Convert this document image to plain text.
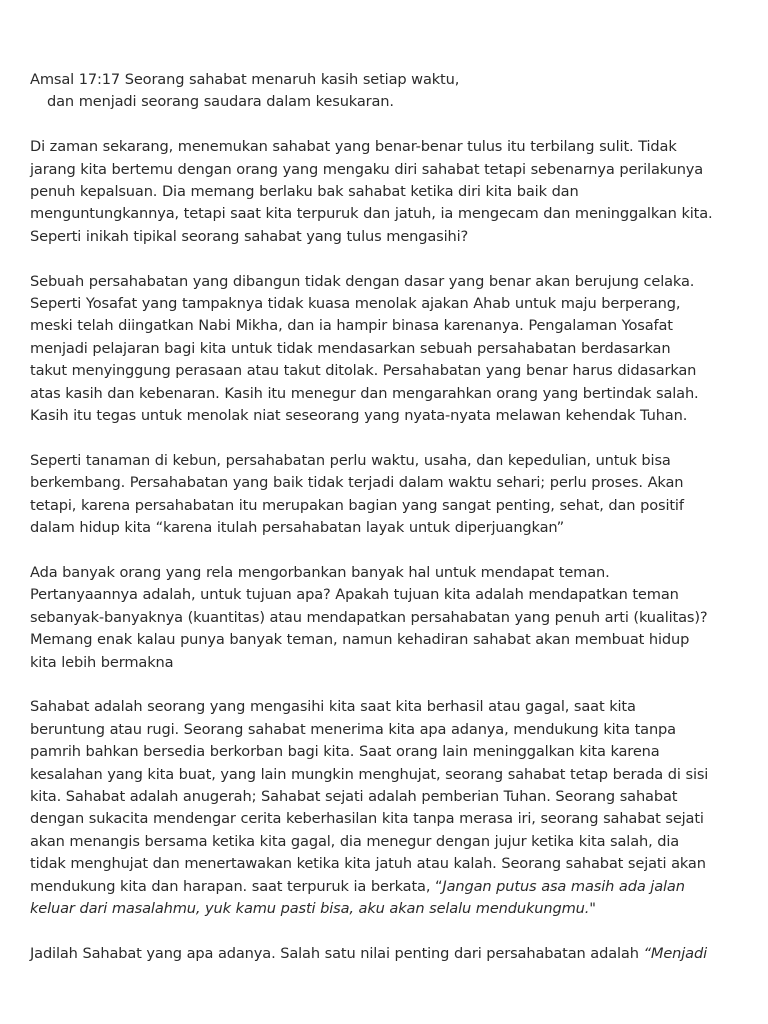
Amsal 17:17 Seorang sahabat menaruh kasih setiap waktu,
dan menjadi seorang saudara dalam kesukaran.

Di zaman sekarang, menemukan sahabat yang benar-benar tulus itu terbilang sulit. Tidak
jarang kita bertemu dengan orang yang mengaku diri sahabat tetapi sebenarnya perilakunya
penuh kepalsuan. Dia memang berlaku bak sahabat ketika diri kita baik dan
menguntungkannya, tetapi saat kita terpuruk dan jatuh, ia mengecam dan meninggalkan kita.
Seperti inikah tipikal seorang sahabat yang tulus mengasihi?

Sebuah persahabatan yang dibangun tidak dengan dasar yang benar akan berujung celaka.
Seperti Yosafat yang tampaknya tidak kuasa menolak ajakan Ahab untuk maju berperang,
meski telah diingatkan Nabi Mikha, dan ia hampir binasa karenanya. Pengalaman Yosafat
menjadi pelajaran bagi kita untuk tidak mendasarkan sebuah persahabatan berdasarkan
takut menyinggung perasaan atau takut ditolak. Persahabatan yang benar harus didasarkan
atas kasih dan kebenaran. Kasih itu menegur dan mengarahkan orang yang bertindak salah.
Kasih itu tegas untuk menolak niat seseorang yang nyata-nyata melawan kehendak Tuhan.

Seperti tanaman di kebun, persahabatan perlu waktu, usaha, dan kepedulian, untuk bisa
berkembang. Persahabatan yang baik tidak terjadi dalam waktu sehari; perlu proses. Akan
tetapi, karena persahabatan itu merupakan bagian yang sangat penting, sehat, dan positif
dalam hidup kita “karena itulah persahabatan layak untuk diperjuangkan”

Ada banyak orang yang rela mengorbankan banyak hal untuk mendapat teman.
Pertanyaannya adalah, untuk tujuan apa? Apakah tujuan kita adalah mendapatkan teman
sebanyak-banyaknya (kuantitas) atau mendapatkan persahabatan yang penuh arti (kualitas)?
Memang enak kalau punya banyak teman, namun kehadiran sahabat akan membuat hidup
kita lebih bermakna

Sahabat adalah seorang yang mengasihi kita saat kita berhasil atau gagal, saat kita
beruntung atau rugi. Seorang sahabat menerima kita apa adanya, mendukung kita tanpa
pamrih bahkan bersedia berkorban bagi kita. Saat orang lain meninggalkan kita karena
kesalahan yang kita buat, yang lain mungkin menghujat, seorang sahabat tetap berada di sisi
kita. Sahabat adalah anugerah; Sahabat sejati adalah pemberian Tuhan. Seorang sahabat
dengan sukacita mendengar cerita keberhasilan kita tanpa merasa iri, seorang sahabat sejati
akan menangis bersama ketika kita gagal, dia menegur dengan jujur ketika kita salah, dia
tidak menghujat dan menertawakan ketika kita jatuh atau kalah. Seorang sahabat sejati akan
mendukung kita dan harapan. saat terpuruk ia berkata, “Jangan putus asa masih ada jalan
keluar dari masalahmu, yuk kamu pasti bisa, aku akan selalu mendukungmu."

Jadilah Sahabat yang apa adanya. Salah satu nilai penting dari persahabatan adalah “Menjadi
